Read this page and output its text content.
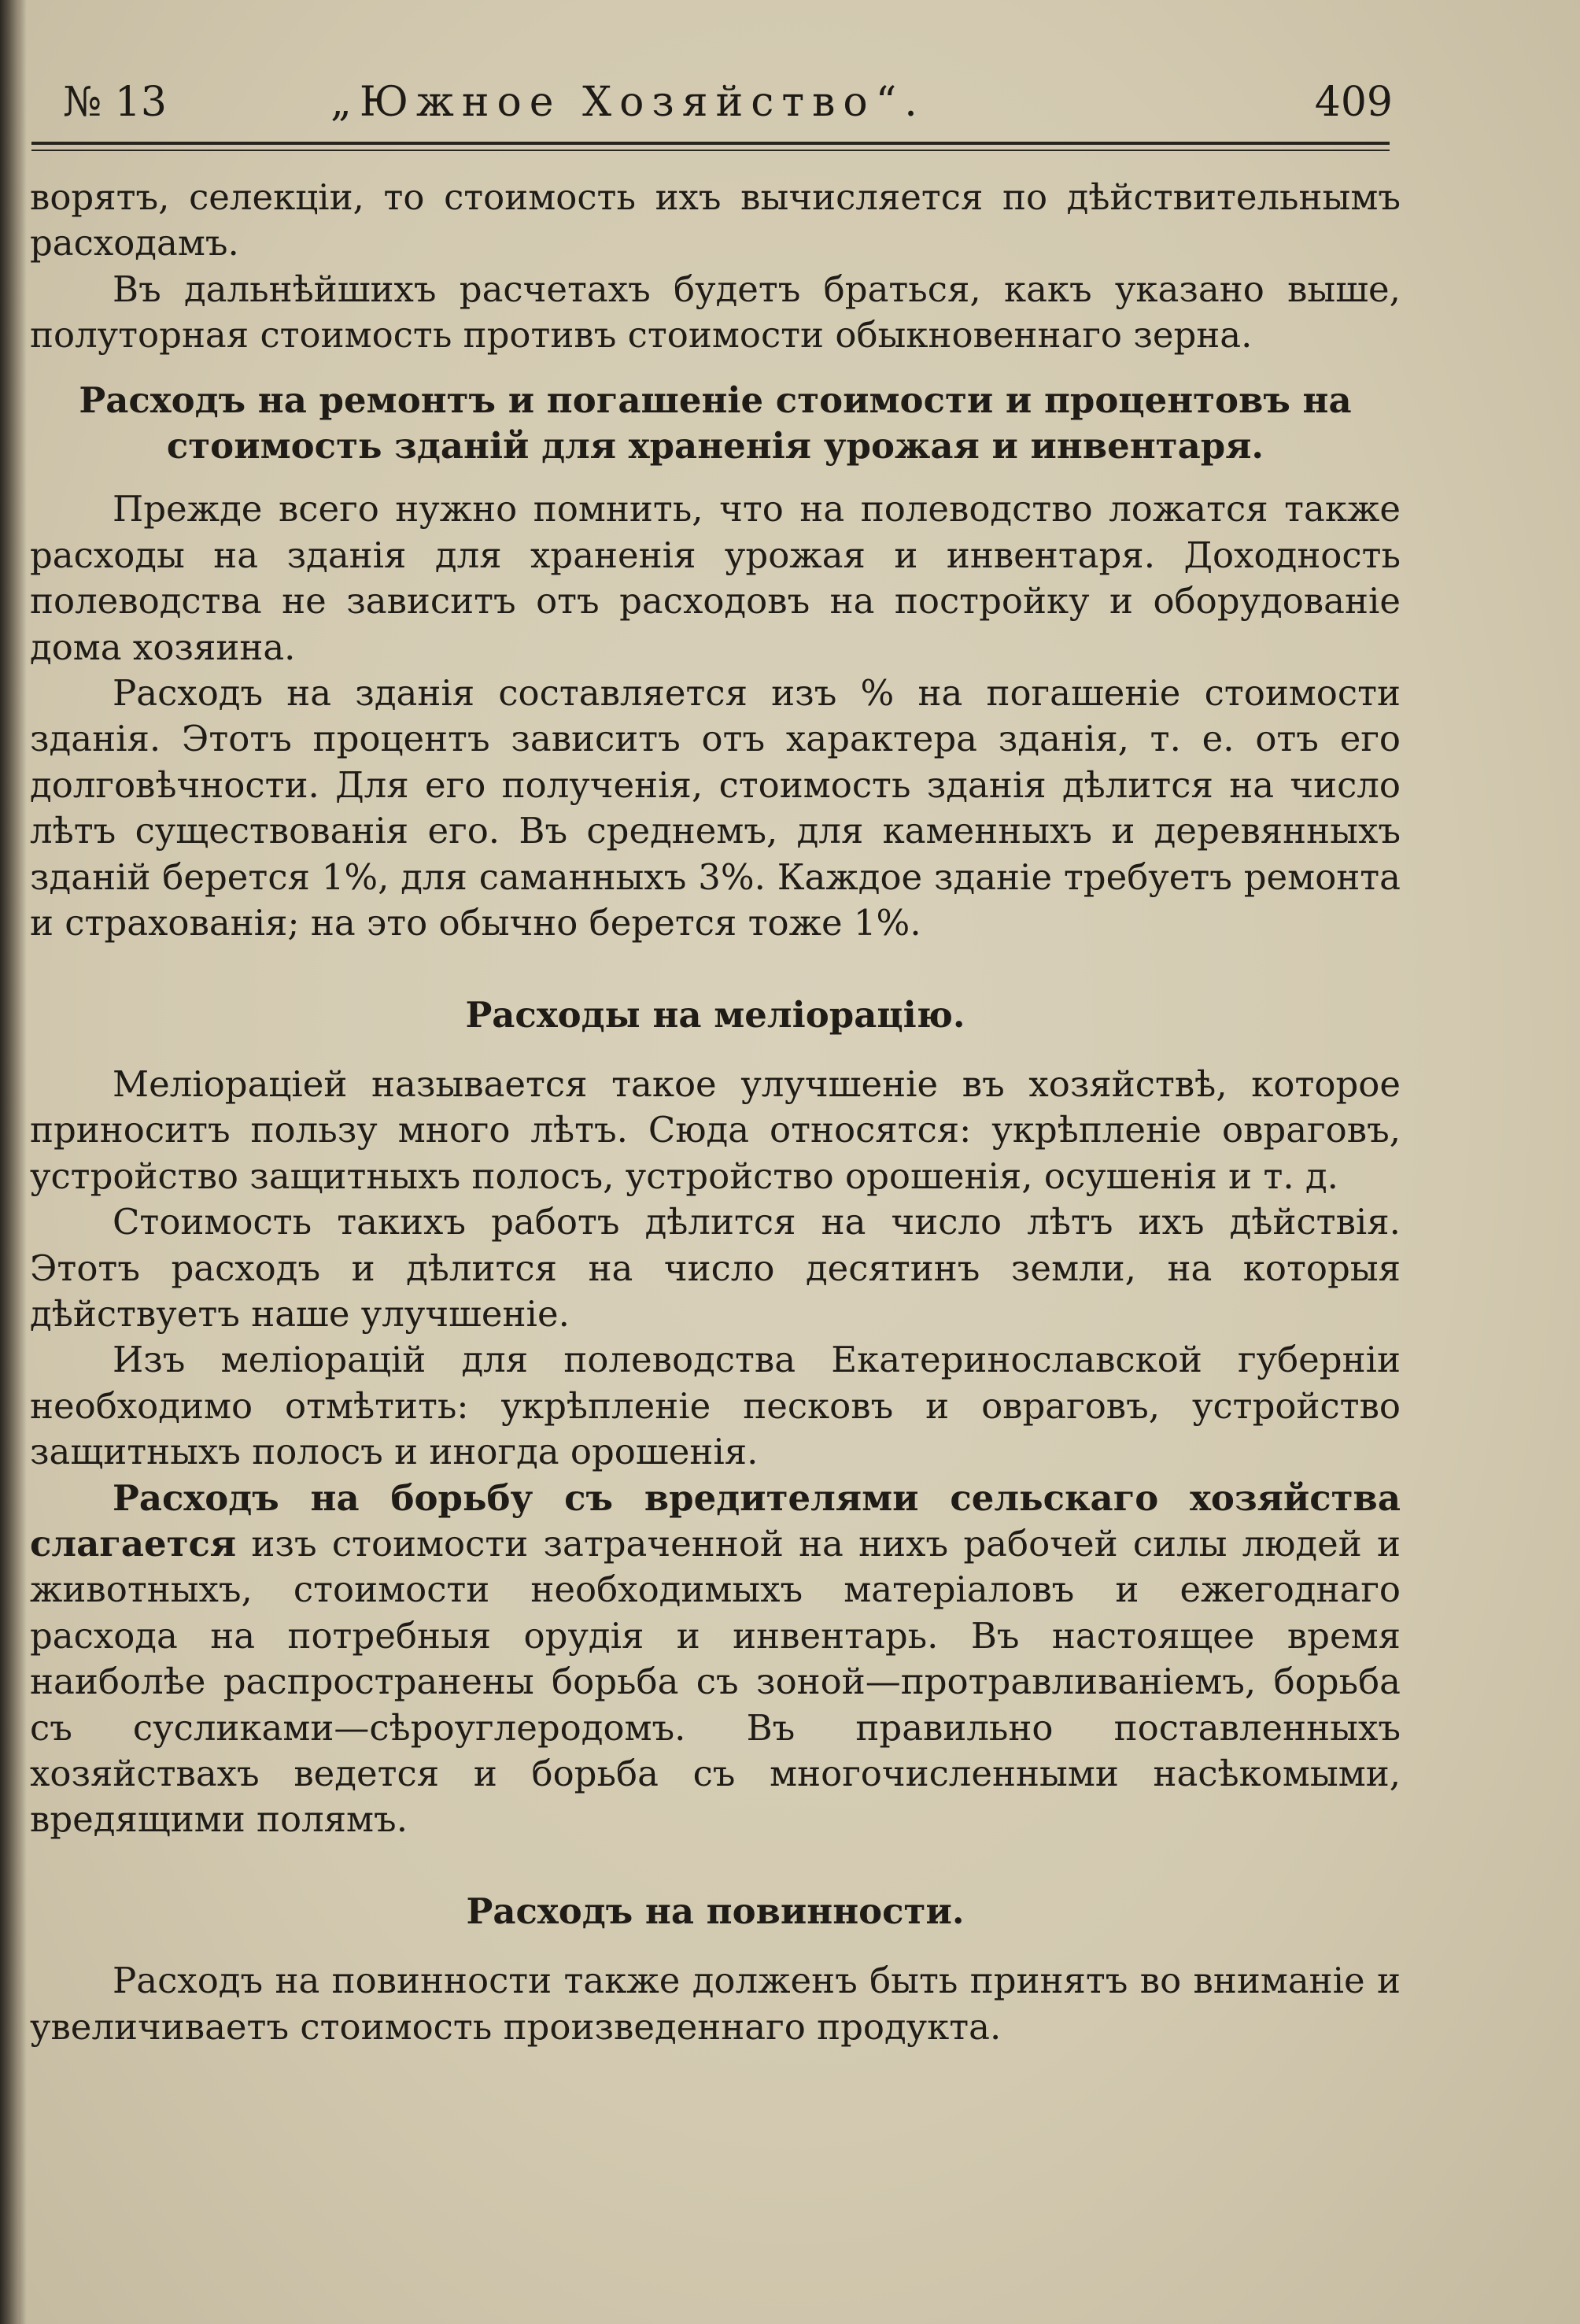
№ 13	„Южное Хозяйство“.	409

ворятъ, селекціи, то стоимость ихъ вычисляется по дѣйствительнымъ расходамъ.

Въ дальнѣйшихъ расчетахъ будетъ браться, какъ указано выше, полуторная стоимость противъ стоимости обыкновеннаго зерна.

Расходъ на ремонтъ и погашеніе стоимости и процентовъ на стоимость зданій для храненія урожая и инвентаря.

Прежде всего нужно помнить, что на полеводство ложатся также расходы на зданія для храненія урожая и инвентаря. Доходность полеводства не зависитъ отъ расходовъ на постройку и оборудованіе дома хозяина.

Расходъ на зданія составляется изъ % на погашеніе стоимости зданія. Этотъ процентъ зависитъ отъ характера зданія, т. е. отъ его долговѣчности. Для его полученія, стоимость зданія дѣлится на число лѣтъ существованія его. Въ среднемъ, для каменныхъ и деревянныхъ зданій берется 1%, для саманныхъ 3%. Каждое зданіе требуетъ ремонта и страхованія; на это обычно берется тоже 1%.

Расходы на меліорацію.

Меліораціей называется такое улучшеніе въ хозяйствѣ, которое приноситъ пользу много лѣтъ. Сюда относятся: укрѣпленіе овраговъ, устройство защитныхъ полосъ, устройство орошенія, осушенія и т. д.

Стоимость такихъ работъ дѣлится на число лѣтъ ихъ дѣйствія. Этотъ расходъ и дѣлится на число десятинъ земли, на которыя дѣйствуетъ наше улучшеніе.

Изъ меліорацій для полеводства Екатеринославской губерніи необходимо отмѣтить: укрѣпленіе песковъ и овраговъ, устройство защитныхъ полосъ и иногда орошенія.

Расходъ на борьбу съ вредителями сельскаго хозяйства слагается изъ стоимости затраченной на нихъ рабочей силы людей и животныхъ, стоимости необходимыхъ матеріаловъ и ежегоднаго расхода на потребныя орудія и инвентарь. Въ настоящее время наиболѣе распространены борьба съ зоной—протравливаніемъ, борьба съ сусликами—сѣроуглеродомъ. Въ правильно поставленныхъ хозяйствахъ ведется и борьба съ многочисленными насѣкомыми, вредящими полямъ.

Расходъ на повинности.

Расходъ на повинности также долженъ быть принятъ во вниманіе и увеличиваетъ стоимость произведеннаго продукта.
